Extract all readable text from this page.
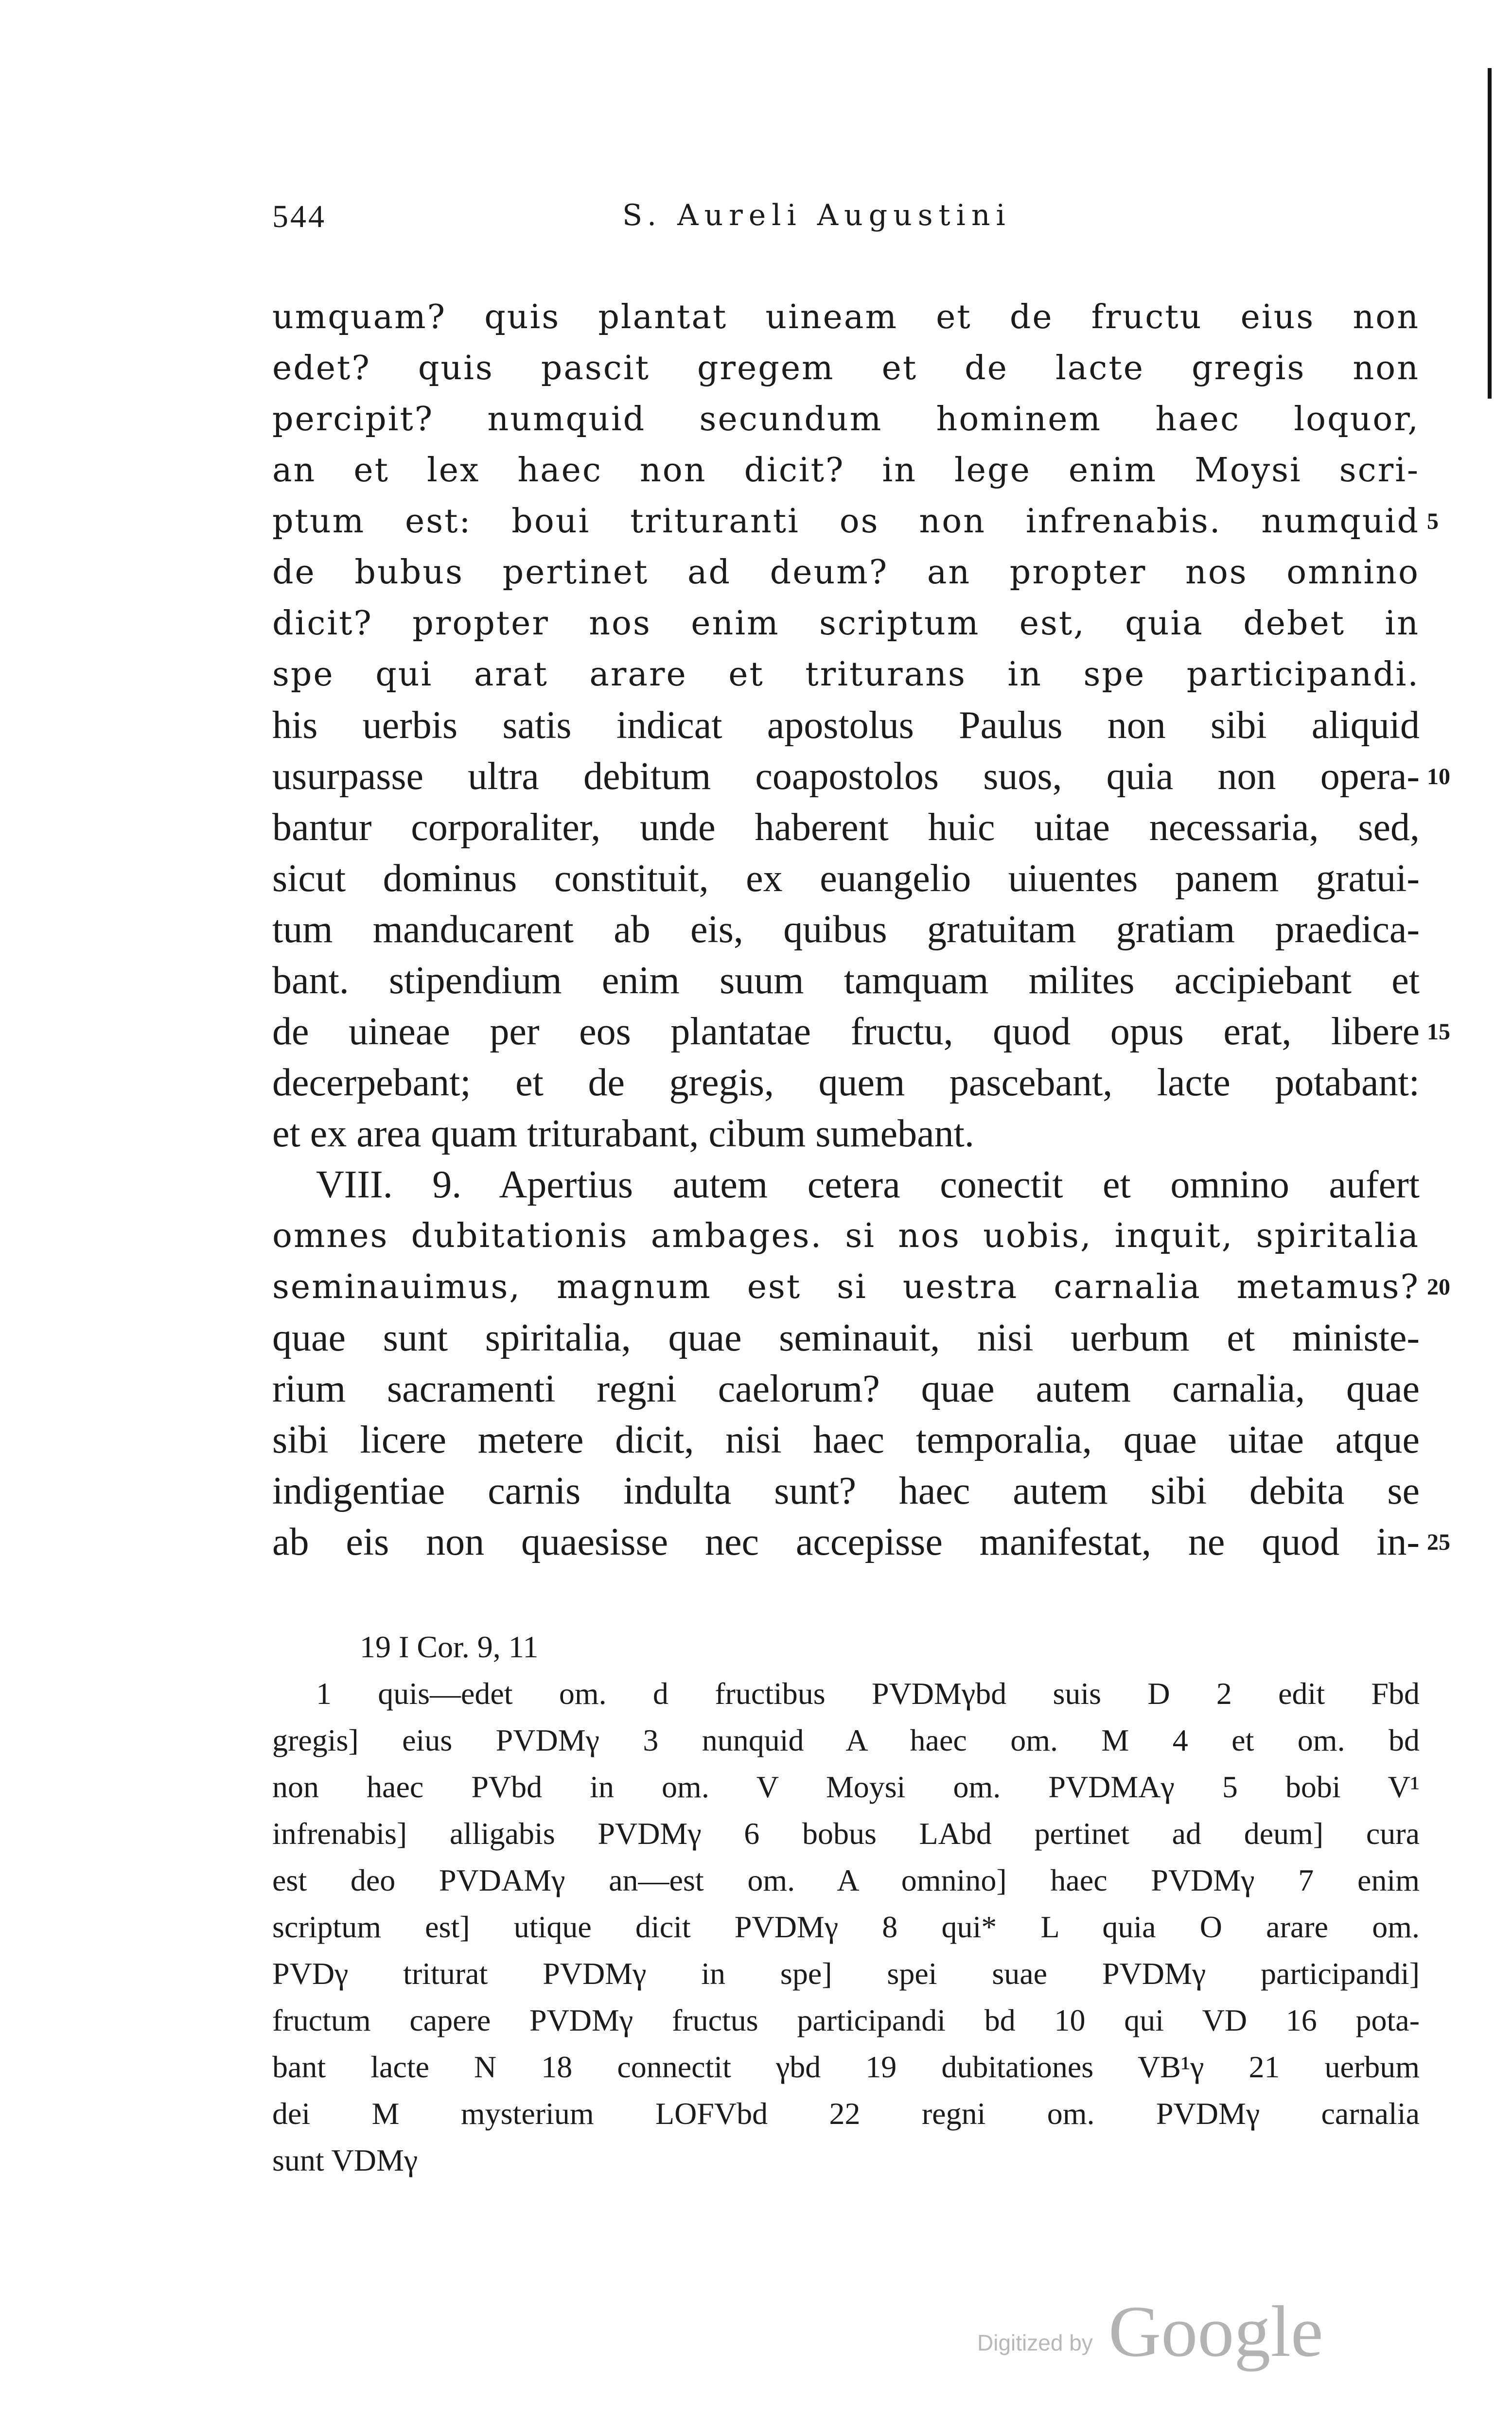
544	S. Aureli Augustini
umquam? quis plantat uineam et de fructu eius non
edet? quis pascit gregem et de lacte gregis non
percipit? numquid secundum hominem haec loquor,
an et lex haec non dicit? in lege enim Moysi scri-
ptum est: boui trituranti os non infrenabis. numquid
de bubus pertinet ad deum? an propter nos omnino
dicit? propter nos enim scriptum est, quia debet in
spe qui arat arare et triturans in spe participandi.
his uerbis satis indicat apostolus Paulus non sibi aliquid
usurpasse ultra debitum coapostolos suos, quia non opera-
bantur corporaliter, unde haberent huic uitae necessaria, sed,
sicut dominus constituit, ex euangelio uiuentes panem gratui-
tum manducarent ab eis, quibus gratuitam gratiam praedica-
bant. stipendium enim suum tamquam milites accipiebant et
de uineae per eos plantatae fructu, quod opus erat, libere
decerpebant; et de gregis, quem pascebant, lacte potabant:
et ex area quam triturabant, cibum sumebant.
VIII. 9. Apertius autem cetera conectit et omnino aufert
omnes dubitationis ambages. si nos uobis, inquit, spiritalia
seminauimus, magnum est si uestra carnalia metamus?
quae sunt spiritalia, quae seminauit, nisi uerbum et ministe-
rium sacramenti regni caelorum? quae autem carnalia, quae
sibi licere metere dicit, nisi haec temporalia, quae uitae atque
indigentiae carnis indulta sunt? haec autem sibi debita se
ab eis non quaesisse nec accepisse manifestat, ne quod in-
5
10
15
20
25
19 I Cor. 9, 11
1 quis—edet om. d fructibus PVDMγbd suis D 2 edit Fbd
gregis] eius PVDMγ 3 nunquid A haec om. M 4 et om. bd
non haec PVbd in om. V Moysi om. PVDMAγ 5 bobi V¹
infrenabis] alligabis PVDMγ 6 bobus LAbd pertinet ad deum] cura
est deo PVDAMγ an—est om. A omnino] haec PVDMγ 7 enim
scriptum est] utique dicit PVDMγ 8 qui* L quia O arare om.
PVDγ triturat PVDMγ in spe] spei suae PVDMγ participandi]
fructum capere PVDMγ fructus participandi bd 10 qui VD 16 pota-
bant lacte N 18 connectit γbd 19 dubitationes VB¹γ 21 uerbum
dei M mysterium LOFVbd 22 regni om. PVDMγ carnalia
sunt VDMγ
Digitized by Google
